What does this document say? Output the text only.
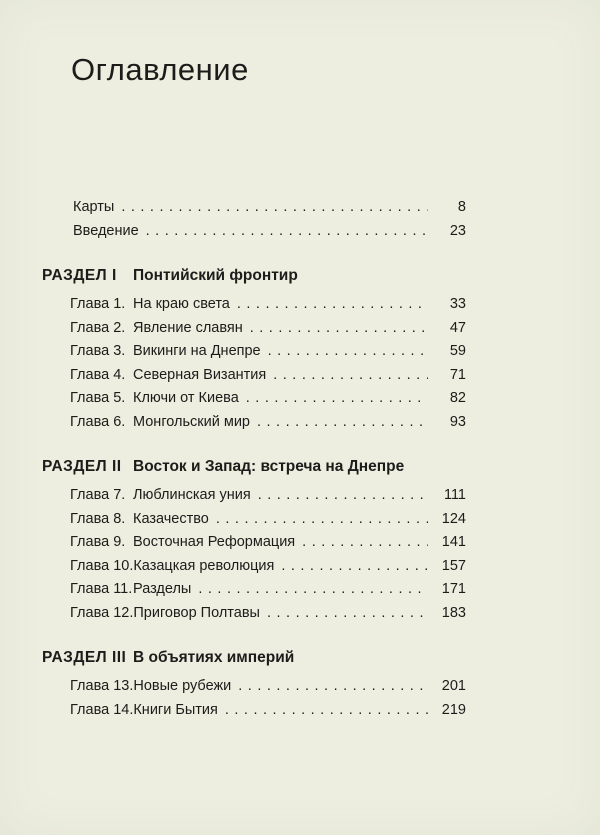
Оглавление
Карты .....	8
Введение .....	23
РАЗДЕЛ I	Понтийский фронтир
Глава 1. На краю света .....	33
Глава 2. Явление славян .....	47
Глава 3. Викинги на Днепре .....	59
Глава 4. Северная Византия .....	71
Глава 5. Ключи от Киева .....	82
Глава 6. Монгольский мир .....	93
РАЗДЕЛ II Восток и Запад: встреча на Днепре
Глава 7. Люблинская уния .....	111
Глава 8. Казачество .....	124
Глава 9. Восточная Реформация .....	141
Глава 10. Казацкая революция .....	157
Глава 11. Разделы .....	171
Глава 12. Приговор Полтавы .....	183
РАЗДЕЛ III В объятиях империй
Глава 13. Новые рубежи .....	201
Глава 14. Книги Бытия .....	219
